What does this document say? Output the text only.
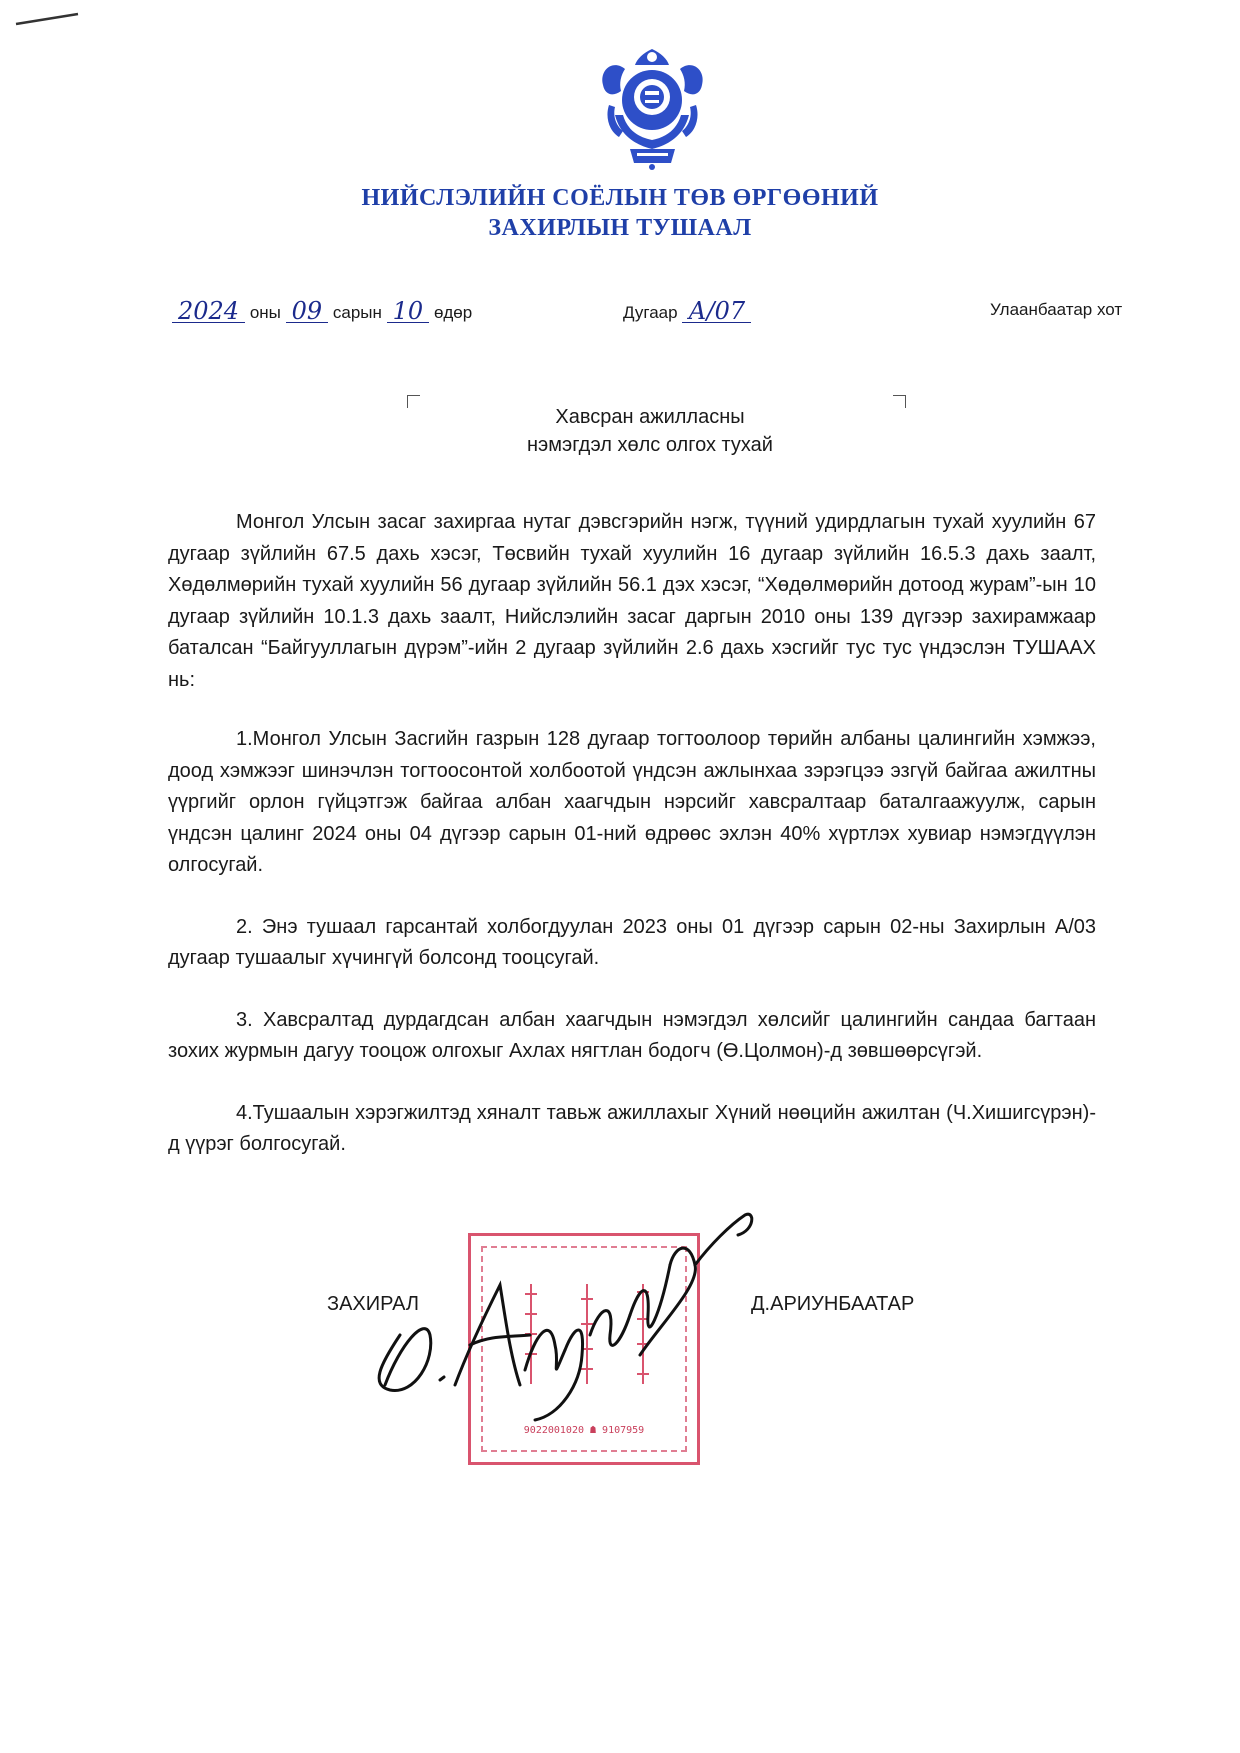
НИЙСЛЭЛИЙН СОЁЛЫН ТӨВ ӨРГӨӨНИЙ
ЗАХИРЛЫН ТУШААЛ
2024 оны 09 сарын 10 өдөр	Дугаар А/07	Улаанбаатар хот
Хавсран ажилласны
нэмэгдэл хөлс олгох тухай

Монгол Улсын засаг захиргаа нутаг дэвсгэрийн нэгж, түүний удирдлагын тухай хуулийн 67 дугаар зүйлийн 67.5 дахь хэсэг, Төсвийн тухай хуулийн 16 дугаар зүйлийн 16.5.3 дахь заалт, Хөдөлмөрийн тухай хуулийн 56 дугаар зүйлийн 56.1 дэх хэсэг, “Хөдөлмөрийн дотоод журам”-ын 10 дугаар зүйлийн 10.1.3 дахь заалт, Нийслэлийн засаг даргын 2010 оны 139 дүгээр захирамжаар баталсан “Байгууллагын дүрэм”-ийн 2 дугаар зүйлийн 2.6 дахь хэсгийг тус тус үндэслэн ТУШААХ нь:

1.Монгол Улсын Засгийн газрын 128 дугаар тогтоолоор төрийн албаны цалингийн хэмжээ, доод хэмжээг шинэчлэн тогтоосонтой холбоотой үндсэн ажлынхаа зэрэгцээ эзгүй байгаа ажилтны үүргийг орлон гүйцэтгэж байгаа албан хаагчдын нэрсийг хавсралтаар баталгаажуулж, сарын үндсэн цалинг 2024 оны 04 дүгээр сарын 01-ний өдрөөс эхлэн 40% хүртлэх хувиар нэмэгдүүлэн олгосугай.

2. Энэ тушаал гарсантай холбогдуулан 2023 оны 01 дүгээр сарын 02-ны Захирлын А/03 дугаар тушаалыг хүчингүй болсонд тооцсугай.

3. Хавсралтад дурдагдсан албан хаагчдын нэмэгдэл хөлсийг цалингийн сандаа багтаан зохих журмын дагуу тооцож олгохыг Ахлах нягтлан бодогч (Ө.Цолмон)-д зөвшөөрсүгэй.

4.Тушаалын хэрэгжилтэд хяналт тавьж ажиллахыг Хүний нөөцийн ажилтан (Ч.Хишигсүрэн)-д үүрэг болгосугай.

9022001020 ☗ 9107959
ЗАХИРАЛ	Д.АРИУНБААТАР
